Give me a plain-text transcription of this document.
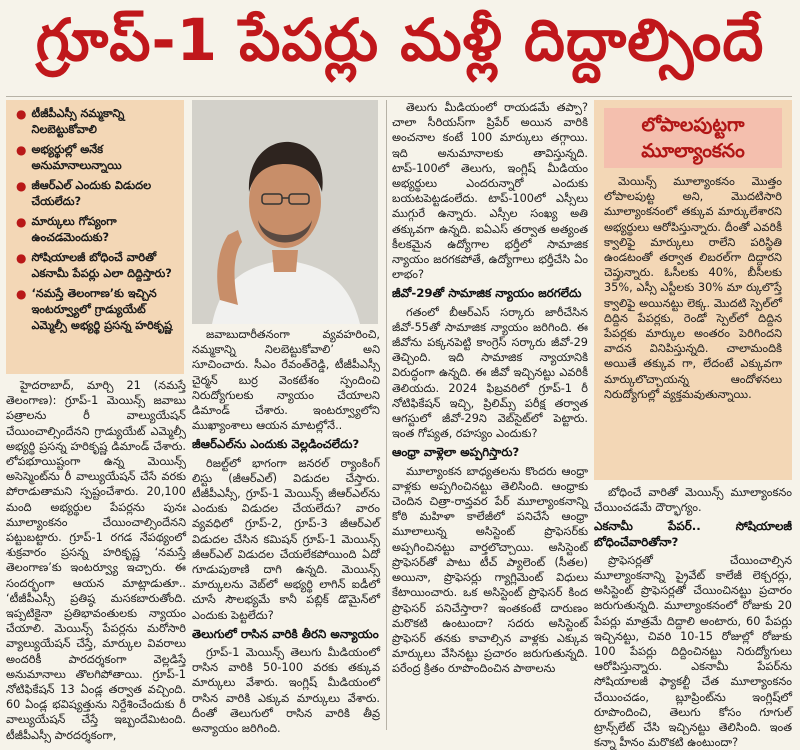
గ్రూప్‌-1 పేపర్లు మళ్లీ దిద్దాల్సిందే
● టీజీపీఎస్సీ నమ్మకాన్ని నిలబెట్టుకోవాలి
● అభ్యర్థుల్లో అనేక అనుమానాలున్నాయి
● జీఆర్‌ఎల్‌ ఎందుకు విడుదల చేయలేదు?
● మార్కులు గోప్యంగా ఉంచడమెందుకు?
● సోషియాలజీ బోధించే వారితో ఎకనామీ పేపర్లు ఎలా దిద్దిస్తారు?
● ‘నమస్తే తెలంగాణ’కు ఇచ్చిన ఇంటర్వ్యూలో గ్రాడ్యుయేట్‌ ఎమ్మెల్సీ అభ్యర్థి ప్రసన్న హరికృష్ణ

హైదరాబాద్‌, మార్చి 21 (నమస్తే తెలంగాణ): గ్రూప్‌-1 మెయిన్స్‌ జవాబు పత్రాలను రీ వాల్యుయేషన్‌ చేయించాల్సిందేనని గ్రాడ్యుయేట్‌ ఎమ్మెల్సీ అభ్యర్థి ప్రసన్న హరికృష్ణ డిమాండ్‌ చేశారు. లోపభూయిష్టంగా ఉన్న మెయిన్స్‌ అసెస్మెంట్‌ను రీ వాల్యుయేషన్‌ చేసే వరకు పోరాడుతామని స్పష్టంచేశారు. 20,100 మంది అభ్యర్థుల పేపర్లను పునః మూల్యాంకనం చేయించాల్సిందేనని పట్టుబట్టారు. గ్రూప్‌-1 రగడ నేపథ్యంలో శుక్రవారం ప్రసన్న హరికృష్ణ ‘నమస్తే తెలంగాణ’కు ఇంటర్వ్యూ ఇచ్చారు. ఈ సందర్భంగా ఆయన మాట్లాడుతూ.. ‘టీజీపీఎస్సీ ప్రతిష్ఠ మసకబారుతోంది. ఇప్పటికైనా ప్రతిభావంతులకు న్యాయం చేయాలి. మెయిన్స్‌ పేపర్లను మరోసారి వ్యాల్యుయేషన్‌ చేస్తే, మార్కుల వివరాలు అందరికీ పారదర్శకంగా వెల్లడిస్తే అనుమానాలు తొలగిపోతాయి. గ్రూప్‌-1 నోటిఫికేషన్‌ 13 ఏండ్ల తర్వాత వచ్చింది. 60 ఏండ్ల భవిష్యత్తును నిర్దేశించేందుకు రీ వాల్యుయేషన్‌ చేస్తే ఇబ్బందేమిటంది. టీజీపీఎస్సీ పారదర్శకంగా,

జవాబుదారీతనంగా వ్యవహరించి, నమ్మకాన్ని నిలబెట్టుకోవాలి’ అని సూచించారు. సీఎం రేవంత్‌రెడ్డి, టీజీపీఎస్సీ చైర్మన్‌ బుర్ర వెంకటేశం స్పందించి నిరుద్యోగులకు న్యాయం చేయాలని డిమాండ్‌ చేశారు. ఇంటర్వ్యూలోని ముఖ్యాంశాలు ఆయన మాటల్లోనే..

జీఆర్‌ఎల్‌ను ఎందుకు వెల్లడించలేదు?

రిజల్ట్‌లో భాగంగా జనరల్‌ ర్యాంకింగ్‌ లిస్టు (జీఆర్‌ఎల్‌) విడుదల చేస్తారు. టీజీపీఎస్సీ, గ్రూప్‌-1 మెయిన్స్‌ జీఆర్‌ఎల్‌ను ఎందుకు విడుదల చేయలేదు? వారం వ్యవధిలో గ్రూప్‌-2, గ్రూప్‌-3 జీఆర్‌ఎల్‌ విడుదల చేసిన కమిషన్‌ గ్రూప్‌-1 మెయిన్స్‌ జీఆర్‌ఎల్‌ విడుదల చేయలేకపోయింది ఏదో గూడుపుఠాణి దాగి ఉన్నది. మెయిన్స్‌ మార్కులను వెబ్‌లో అభ్యర్థి లాగిన్‌ ఐడీలో చూసే సౌలభ్యమే కానీ పబ్లిక్‌ డొమైన్‌లో ఎందుకు పెట్టలేదు?

తెలుగులో రాసిన వారికి తీరని అన్యాయం

గ్రూప్‌-1 మెయిన్స్‌ తెలుగు మీడియంలో రాసిన వారికి 50-100 వరకు తక్కువ మార్కులు వేశారు. ఇంగ్లిష్‌ మీడియంలో రాసిన వారికి ఎక్కువ మార్కులు వేశారు. దీంతో తెలుగులో రాసిన వారికి తీవ్ర అన్యాయం జరిగింది.

తెలుగు మీడియంలో రాయడమే తప్పా? చాలా సీరియస్‌గా ప్రిపేర్‌ అయిన వారికి అంచనాల కంటే 100 మార్కులు తగ్గాయి. ఇది అనుమానాలకు తావిస్తున్నది. టాప్‌-100లో తెలుగు, ఇంగ్లిష్‌ మీడియం అభ్యర్థులు ఎందరున్నారో ఎందుకు బయటపెట్టడంలేదు. టాప్‌-100లో ఎస్సీలు ముగ్గురే ఉన్నారు. ఎస్సీల సంఖ్య అతి తక్కువగా ఉన్నది. ఐఏఎస్‌ తర్వాత అత్యంత కీలకమైన ఉద్యోగాల భర్తీలో సామాజిక న్యాయం జరగకపోతే, ఉద్యోగాలు భర్తీచేసి ఏం లాభం?

జీవో-29తో సామాజిక న్యాయం జరగలేదు

గతంలో బీఆర్‌ఎస్‌ సర్కారు జారీచేసిన జీవో-55తో సామాజిక న్యాయం జరిగింది. ఈ జీవోను పక్కనపెట్టి కాంగ్రెస్‌ సర్కారు జీవో-29 తెచ్చింది. ఇది సామాజిక న్యాయానికి విరుద్ధంగా ఉన్నది. ఈ జీవో ఇచ్చినట్టు ఎవరికీ తెలియదు. 2024 ఫిబ్రవరిలో గ్రూప్‌-1 రీ నోటిఫికేషన్‌ ఇచ్చి, ప్రిలిమ్స్‌ పరీక్ష తర్వాత ఆగస్టులో జీవో-29ని వెబ్‌సైట్‌లో పెట్టారు. ఇంత గోప్యత, రహస్యం ఎందుకు?

ఆంధ్రా వాళ్లెలా అప్పగిస్తారు?

మూల్యాంకన బాధ్యతలను కొందరు ఆంధ్రా వాళ్లకు అప్పగించినట్టు తెలిసింది. ఆంధ్రాకు చెందిన చిత్రా-రావ్తవర పేర్‌ మూల్యాంకనాన్ని కోఠి మహిళా కాలేజీలో పనిచేసే ఆంధ్రా మూలాలున్న అసిస్టెంట్‌ ప్రొఫెసర్‌కు అప్పగించినట్టు వార్తలొచ్చాయి. అసిస్టెంట్‌ ప్రొఫెసర్‌తో పాటు టీచ్‌ ఎ్యాలెంట్‌ (సీతల) అయినా, ప్రొఫెసర్లు గ్యాగ్లిమెంట్‌ విధులు కేటాయించారు. ఒక అసిస్టెంట్‌ ప్రొఫెసర్‌ కింద ప్రొఫెసర్‌ పనిచేస్తారా? ఇంతకంటే దారుణం మరొకటి ఉంటుందా? సదరు అసిస్టెంట్‌ ప్రొఫెసర్‌ తనకు కావాల్సిన వాళ్లకు ఎక్కువ మార్కులు వేసినట్టు ప్రచారం జరుగుతున్నది. పరేంద్ర క్రితం రూపొందించిన పాఠాలను

లోపాలపుట్టగా మూల్యాంకనం

మెయిన్స్‌ మూల్యాంకనం మొత్తం లోపాలపుట్ట అని, మొదటిసారి మూల్యాంకనంలో తక్కువ మార్కులేశారని అభ్యర్థులు ఆరోపిస్తున్నారు. దీంతో ఎవరికీ క్వాలిఫై మార్కులు రాలేని పరిస్థితి ఉండటంతో తర్వాత లిబరల్‌గా దిద్దారని చెప్తున్నారు. ఓసీలకు 40%, బీసీలకు 35%, ఎస్సీ ఎస్టీలకు 30% మా ర్కులొస్తే క్వాలిఫై అయినట్టు లెక్క. మొదటి స్పెల్‌లో దిద్దిన పేపర్లకు, రెండో స్పెల్‌లో దిద్దిన పేపర్లకు మార్కుల అంతరం పెరిగిందని వాదన వినిపిస్తున్నది. చాలామందికి అయితే తక్కువ గా, లేదంటే ఎక్కువగా మార్కులొచ్చాయన్న ఆందోళనలు నిరుద్యోగుల్లో వ్యక్తమవుతున్నాయి.

బోధించే వారితో మెయిన్స్‌ మూల్యాంకనం చేయించడమే దౌర్భాగ్యం.

ఎకనామీ పేపర్‌.. సోషియాలజీ బోధించేవారితోనా?

ప్రొఫెసర్లతో చేయించాల్సిన మూల్యాంకనాన్ని ప్రైవేట్‌ కాలేజీ లెక్చరర్లు, అసిస్టెంట్‌ ప్రొఫెసర్లతో చేయించినట్టు ప్రచారం జరుగుతున్నది. మూల్యాంకనంలో రోజుకు 20 పేపర్లు మాత్రమే దిద్దాలి అంటారు, 60 పేపర్లు ఇచ్చినట్టు, చివరి 10-15 రోజుల్లో రోజుకు 100 పేపర్లు దిద్దించినట్టు నిరుద్యోగులు ఆరోపిస్తున్నారు. ఎకనామీ పేపర్‌ను సోషియాలజీ ఫ్యాకల్టీ చేత మూల్యాంకనం చేయించడం, బ్లూప్రింట్‌ను ఇంగ్లిష్‌లో రూపొందించి, తెలుగు కోసం గూగుల్‌ ట్రాన్స్‌లేట్‌ చేసి ఇచ్చినట్టు తెలిసింది. ఇంత కన్నా హీనం మరొకటి ఉంటుందా?
